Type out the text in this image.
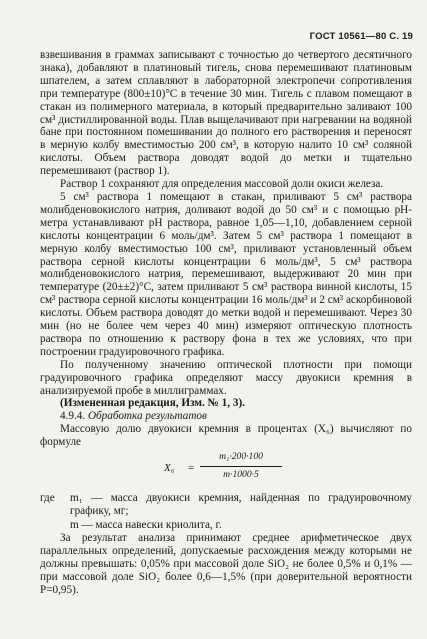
ГОСТ 10561—80 С. 19

взвешивания в граммах записывают с точностью до четвертого десятичного знака), добавляют в платиновый тигель, снова перемешивают платиновым шпателем, а затем сплавляют в лабораторной электропечи сопротивления при температуре (800±10)°С в течение 30 мин. Тигель с плавом помещают в стакан из полимерного материала, в который предварительно заливают 100 см³ дистиллированной воды. Плав выщелачивают при нагревании на водяной бане при постоянном помешивании до полного его растворения и переносят в мерную колбу вместимостью 200 см³, в которую налито 10 см³ соляной кислоты. Объем раствора доводят водой до метки и тщательно перемешивают (раствор 1).

Раствор 1 сохраняют для определения массовой доли окиси железа.

5 см³ раствора 1 помещают в стакан, приливают 5 см³ раствора молибденовокислого натрия, доливают водой до 50 см³ и с помощью рН-метра устанавливают рН раствора, равное 1,05—1,10, добавлением серной кислоты концентрации 6 моль/дм³. Затем 5 см³ раствора 1 помещают в мерную колбу вместимостью 100 см³, приливают установленный объем раствора серной кислоты концентрации 6 моль/дм³, 5 см³ раствора молибденовокислого натрия, перемешивают, выдерживают 20 мин при температуре (20±±2)°С, затем приливают 5 см³ раствора винной кислоты, 15 см³ раствора серной кислоты концентрации 16 моль/дм³ и 2 см³ аскорбиновой кислоты. Объем раствора доводят до метки водой и перемешивают. Через 30 мин (но не более чем через 40 мин) измеряют оптическую плотность раствора по отношению к раствору фона в тех же условиях, что при построении градуировочного графика.

По полученному значению оптической плотности при помощи градуировочного графика определяют массу двуокиси кремния в анализируемой пробе в миллиграммах.

(Измененная редакция, Изм. № 1, 3).

4.9.4. Обработка результатов

Массовую долю двуокиси кремния в процентах (X₆) вычисляют по формуле

X₆ =
m₁·200·100
m·1000·5
где m₁ — масса двуокиси кремния, найденная по градуировочному графику, мг;
m — масса навески криолита, г.

За результат анализа принимают среднее арифметическое двух параллельных определений, допускаемые расхождения между которыми не должны превышать: 0,05% при массовой доле SiO₂ не более 0,5% и 0,1% — при массовой доле SiO₂ более 0,6—1,5% (при доверительной вероятности P=0,95).
